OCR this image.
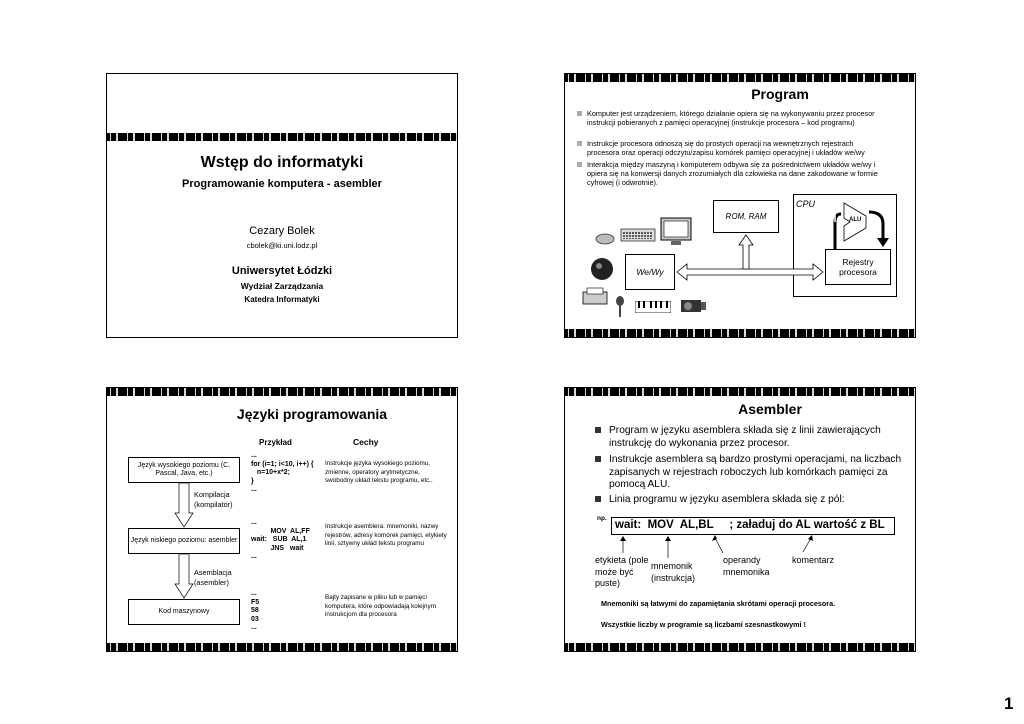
Wstęp do informatyki
Programowanie komputera - asembler
Cezary Bolek
cbolek@ki.uni.lodz.pl
Uniwersytet Łódzki
Wydział Zarządzania
Katedra Informatyki
Program
Komputer jest urządzeniem, którego działanie opiera się na wykonywaniu przez procesor instrukcji pobieranych z pamięci operacyjnej (instrukcje procesora – kod programu)
Instrukcje procesora odnoszą się do prostych operacji na wewnętrznych rejestrach procesora oraz operacji odczytu/zapisu komórek pamięci operacyjnej i układów we/wy
Interakcja między maszyną i komputerem odbywa się za pośrednictwem układów we/wy i opiera się na konwersji danych zrozumiałych dla człowieka na dane zakodowane w formie cyfrowej (i odwrotnie).
ROM, RAM
We/Wy
CPU
ALU
Rejestry procesora
Języki programowania
Przykład	Cechy
Język wysokiego poziomu (C, Pascal, Java, etc.)
Język niskiego poziomu: asembler
Kod maszynowy
Kompilacja (kompilator)
Asemblacja (asembler)
...
for (i=1; i<10, i++) {
n=10+x*2;
}
...
...
MOV  AL,FF
wait:   SUB  AL,1
JNS   wait
...
...
F5
58
03
...
Instrukcje języka wysokiego poziomu, zmienne, operatory arytmetyczne, swobodny układ tekstu programu, etc..
Instrukcje asemblera: mnemoniki, nazwy rejestrów, adresy komórek pamięci, etykiety linii, sztywny układ tekstu programu
Bajty zapisane w pliku lub w pamięci komputera, które odpowiadają kolejnym instrukcjom dla procesora
Asembler
Program w języku asemblera składa się z linii zawierających instrukcję do wykonania przez procesor.
Instrukcje asemblera są bardzo prostymi operacjami, na liczbach zapisanych w rejestrach roboczych lub komórkach pamięci za pomocą ALU.
Linia programu w języku asemblera składa się z pól:
np.
wait:  MOV  AL,BL     ; załaduj do AL wartość z BL
etykieta (pole może być puste)
mnemonik (instrukcja)
operandy mnemonika
komentarz
Mnemoniki są łatwymi do zapamiętania skrótami operacji procesora.
Wszystkie liczby w programie są liczbami szesnastkowymi !
1
